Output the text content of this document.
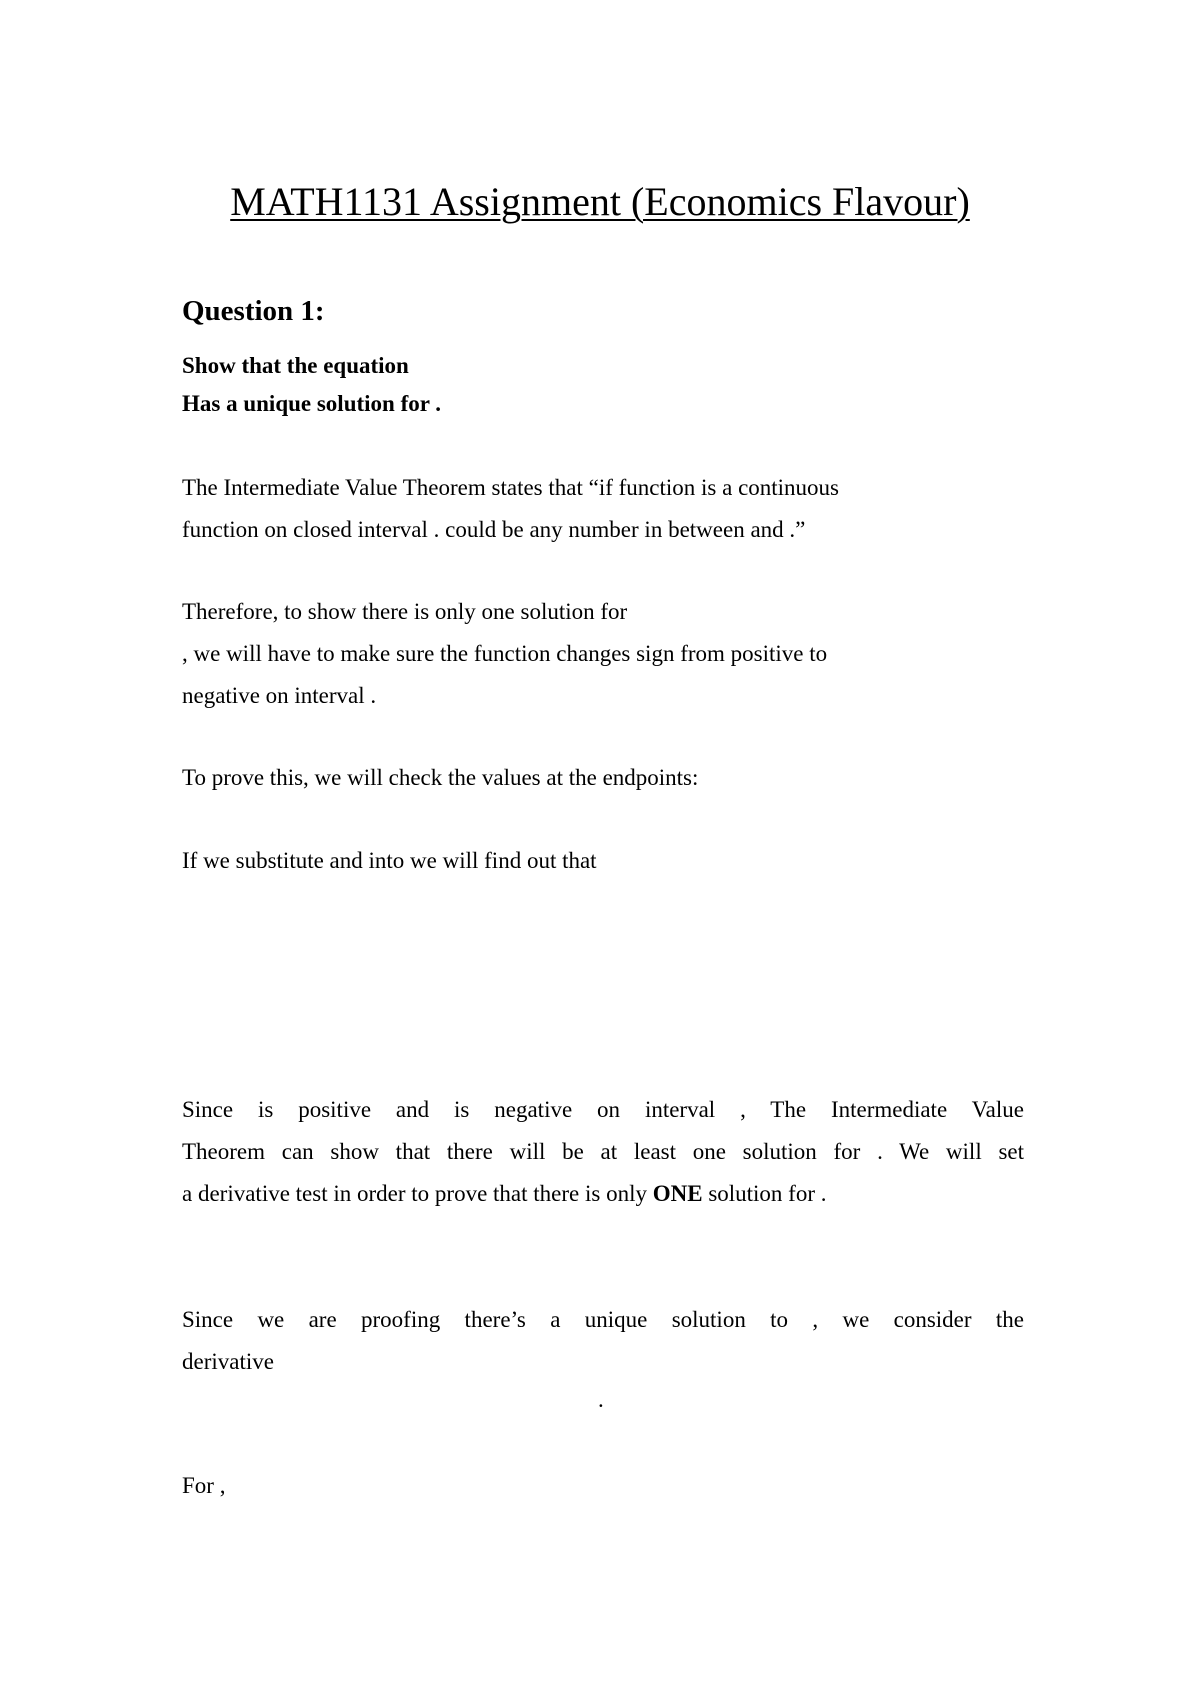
MATH1131 Assignment (Economics Flavour)
Question 1:
Show that the equation
Has a unique solution for .
The Intermediate Value Theorem states that “if function is a continuous
function on closed interval . could be any number in between and .”
Therefore, to show there is only one solution for
, we will have to make sure the function changes sign from positive to
negative on interval .
To prove this, we will check the values at the endpoints:
If we substitute and into we will find out that
Since is positive and is negative on interval , The Intermediate Value
Theorem can show that there will be at least one solution for . We will set
a derivative test in order to prove that there is only ONE solution for .
Since we are proofing there’s a unique solution to , we consider the
derivative
.
For ,
